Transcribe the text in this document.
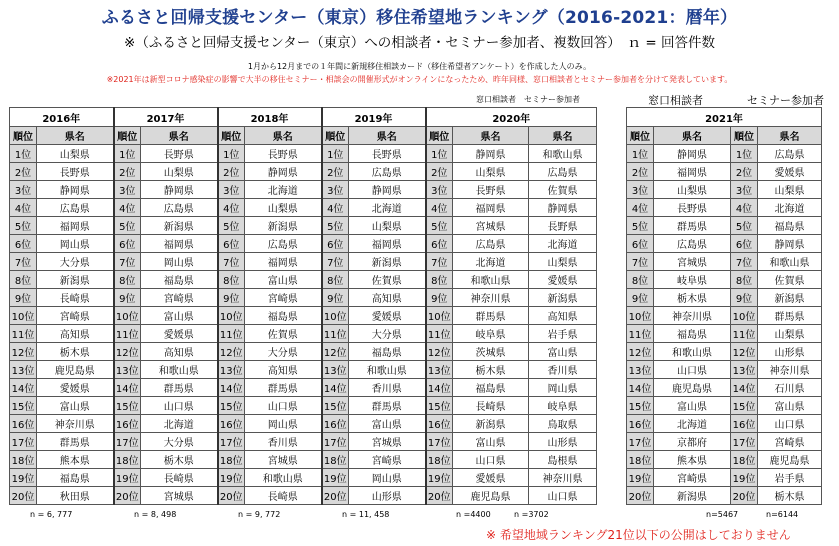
ふるさと回帰支援センター（東京）移住希望地ランキング（2016-2021：暦年）
※（ふるさと回帰支援センター（東京）への相談者・セミナー参加者、複数回答）　ｎ = 回答件数
1月から12月までの１年間に新規移住相談カード（移住希望者アンケート）を作成した人のみ。
※2021年は新型コロナ感染症の影響で大半の移住セミナー・相談会の開催形式がオンラインになったため、昨年同様、窓口相談者とセミナー参加者を分けて発表しています。
窓口相談者　セミナー参加者	窓口相談者　　　　セミナー参加者
2016年		2017年		2018年		2019年		2020年		
順位	県名	順位	県名	順位	県名	順位	県名	順位	県名	県名
1位	山梨県	1位	長野県	1位	長野県	1位	長野県	1位	静岡県	和歌山県
2位	長野県	2位	山梨県	2位	静岡県	2位	広島県	2位	山梨県	広島県
3位	静岡県	3位	静岡県	3位	北海道	3位	静岡県	3位	長野県	佐賀県
4位	広島県	4位	広島県	4位	山梨県	4位	北海道	4位	福岡県	静岡県
5位	福岡県	5位	新潟県	5位	新潟県	5位	山梨県	5位	宮城県	長野県
6位	岡山県	6位	福岡県	6位	広島県	6位	福岡県	6位	広島県	北海道
7位	大分県	7位	岡山県	7位	福岡県	7位	新潟県	7位	北海道	山梨県
8位	新潟県	8位	福島県	8位	富山県	8位	佐賀県	8位	和歌山県	愛媛県
9位	長崎県	9位	宮崎県	9位	宮崎県	9位	高知県	9位	神奈川県	新潟県
10位	宮崎県	10位	富山県	10位	福島県	10位	愛媛県	10位	群馬県	高知県
11位	高知県	11位	愛媛県	11位	佐賀県	11位	大分県	11位	岐阜県	岩手県
12位	栃木県	12位	高知県	12位	大分県	12位	福島県	12位	茨城県	富山県
13位	鹿児島県	13位	和歌山県	13位	高知県	13位	和歌山県	13位	栃木県	香川県
14位	愛媛県	14位	群馬県	14位	群馬県	14位	香川県	14位	福島県	岡山県
15位	富山県	15位	山口県	15位	山口県	15位	群馬県	15位	長崎県	岐阜県
16位	神奈川県	16位	北海道	16位	岡山県	16位	富山県	16位	新潟県	鳥取県
17位	群馬県	17位	大分県	17位	香川県	17位	宮城県	17位	富山県	山形県
18位	熊本県	18位	栃木県	18位	宮城県	18位	宮崎県	18位	山口県	島根県
19位	福島県	19位	長崎県	19位	和歌山県	19位	岡山県	19位	愛媛県	神奈川県
20位	秋田県	20位	宮城県	20位	長崎県	20位	山形県	20位	鹿児島県	山口県
2021年			
順位	県名	順位	県名
1位	静岡県	1位	広島県
2位	福岡県	2位	愛媛県
3位	山梨県	3位	山梨県
4位	長野県	4位	北海道
5位	群馬県	5位	福島県
6位	広島県	6位	静岡県
7位	宮城県	7位	和歌山県
8位	岐阜県	8位	佐賀県
9位	栃木県	9位	新潟県
10位	神奈川県	10位	群馬県
11位	福島県	11位	山梨県
12位	和歌山県	12位	山形県
13位	山口県	13位	神奈川県
14位	鹿児島県	14位	石川県
15位	富山県	15位	富山県
16位	北海道	16位	山口県
17位	京都府	17位	宮崎県
18位	熊本県	18位	鹿児島県
19位	宮崎県	19位	岩手県
20位	新潟県	20位	栃木県
n = 6, 777	n = 8, 498	n = 9, 772	n = 11, 458	n =4400	n =3702	n=5467	n=6144
※ 希望地域ランキング21位以下の公開はしておりません
